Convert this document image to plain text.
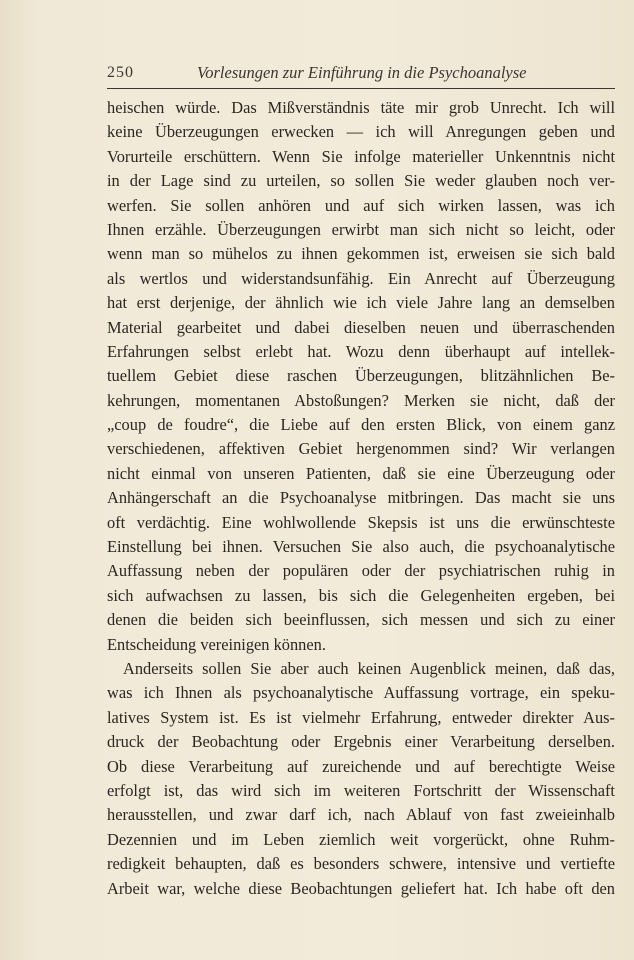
250	Vorlesungen zur Einführung in die Psychoanalyse
heischen würde. Das Mißverständnis täte mir grob Unrecht. Ich will
keine Überzeugungen erwecken — ich will Anregungen geben und
Vorurteile erschüttern. Wenn Sie infolge materieller Unkenntnis nicht
in der Lage sind zu urteilen, so sollen Sie weder glauben noch ver-
werfen. Sie sollen anhören und auf sich wirken lassen, was ich
Ihnen erzähle. Überzeugungen erwirbt man sich nicht so leicht, oder
wenn man so mühelos zu ihnen gekommen ist, erweisen sie sich bald
als wertlos und widerstandsunfähig. Ein Anrecht auf Überzeugung
hat erst derjenige, der ähnlich wie ich viele Jahre lang an demselben
Material gearbeitet und dabei dieselben neuen und überraschenden
Erfahrungen selbst erlebt hat. Wozu denn überhaupt auf intellek-
tuellem Gebiet diese raschen Überzeugungen, blitzähnlichen Be-
kehrungen, momentanen Abstoßungen? Merken sie nicht, daß der
„coup de foudre“, die Liebe auf den ersten Blick, von einem ganz
verschiedenen, affektiven Gebiet hergenommen sind? Wir verlangen
nicht einmal von unseren Patienten, daß sie eine Überzeugung oder
Anhängerschaft an die Psychoanalyse mitbringen. Das macht sie uns
oft verdächtig. Eine wohlwollende Skepsis ist uns die erwünschteste
Einstellung bei ihnen. Versuchen Sie also auch, die psychoanalytische
Auffassung neben der populären oder der psychiatrischen ruhig in
sich aufwachsen zu lassen, bis sich die Gelegenheiten ergeben, bei
denen die beiden sich beeinflussen, sich messen und sich zu einer
Entscheidung vereinigen können.
Anderseits sollen Sie aber auch keinen Augenblick meinen, daß das,
was ich Ihnen als psychoanalytische Auffassung vortrage, ein speku-
latives System ist. Es ist vielmehr Erfahrung, entweder direkter Aus-
druck der Beobachtung oder Ergebnis einer Verarbeitung derselben.
Ob diese Verarbeitung auf zureichende und auf berechtigte Weise
erfolgt ist, das wird sich im weiteren Fortschritt der Wissenschaft
herausstellen, und zwar darf ich, nach Ablauf von fast zweieinhalb
Dezennien und im Leben ziemlich weit vorgerückt, ohne Ruhm-
redigkeit behaupten, daß es besonders schwere, intensive und vertiefte
Arbeit war, welche diese Beobachtungen geliefert hat. Ich habe oft den
